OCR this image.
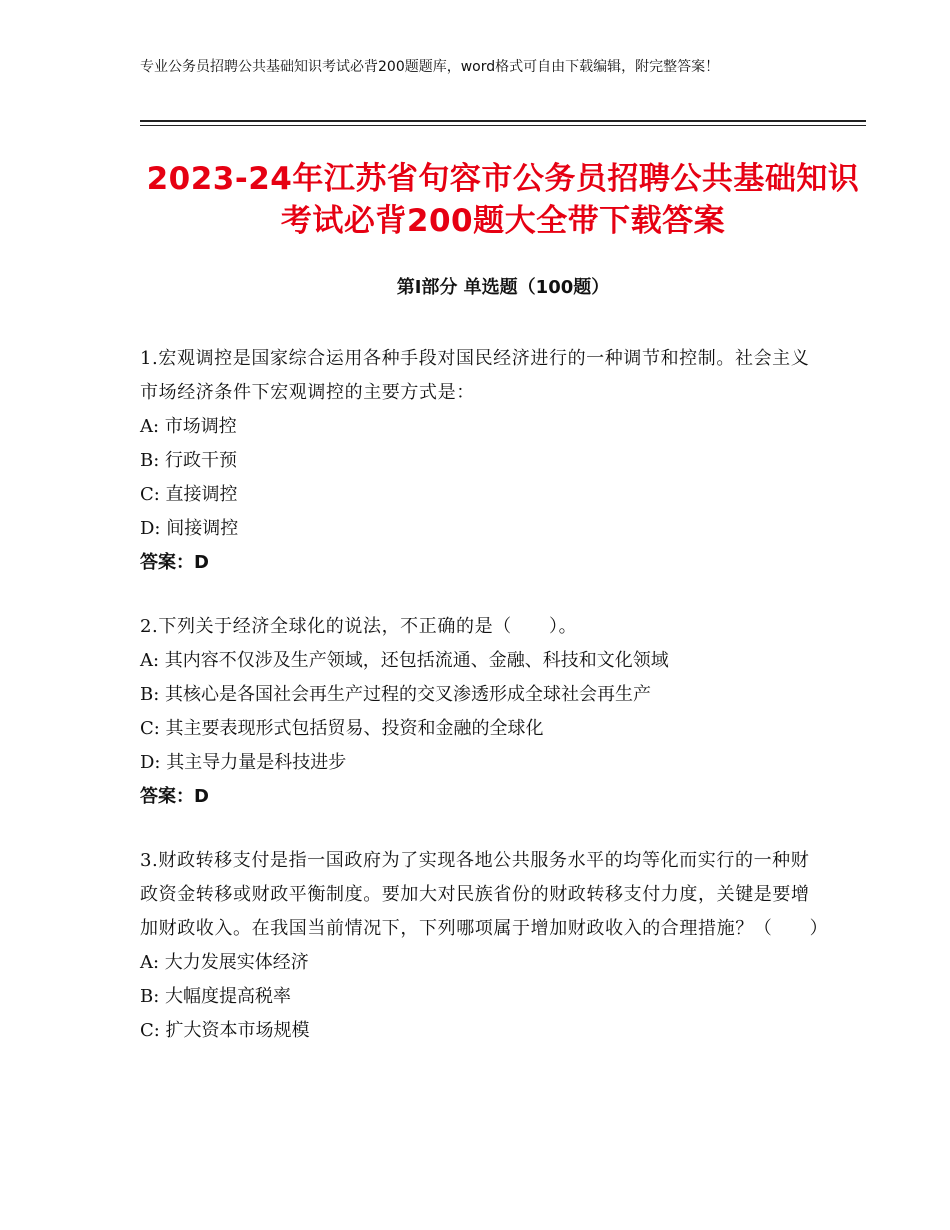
专业公务员招聘公共基础知识考试必背200题题库，word格式可自由下载编辑，附完整答案！
2023-24年江苏省句容市公务员招聘公共基础知识考试必背200题大全带下载答案
第I部分 单选题（100题）
1.宏观调控是国家综合运用各种手段对国民经济进行的一种调节和控制。社会主义市场经济条件下宏观调控的主要方式是：
A: 市场调控
B: 行政干预
C: 直接调控
D: 间接调控
答案：D
2.下列关于经济全球化的说法，不正确的是（　　）。
A: 其内容不仅涉及生产领域，还包括流通、金融、科技和文化领域
B: 其核心是各国社会再生产过程的交叉渗透形成全球社会再生产
C: 其主要表现形式包括贸易、投资和金融的全球化
D: 其主导力量是科技进步
答案：D
3.财政转移支付是指一国政府为了实现各地公共服务水平的均等化而实行的一种财政资金转移或财政平衡制度。要加大对民族省份的财政转移支付力度，关键是要增加财政收入。在我国当前情况下，下列哪项属于增加财政收入的合理措施？（　　）
A: 大力发展实体经济
B: 大幅度提高税率
C: 扩大资本市场规模
